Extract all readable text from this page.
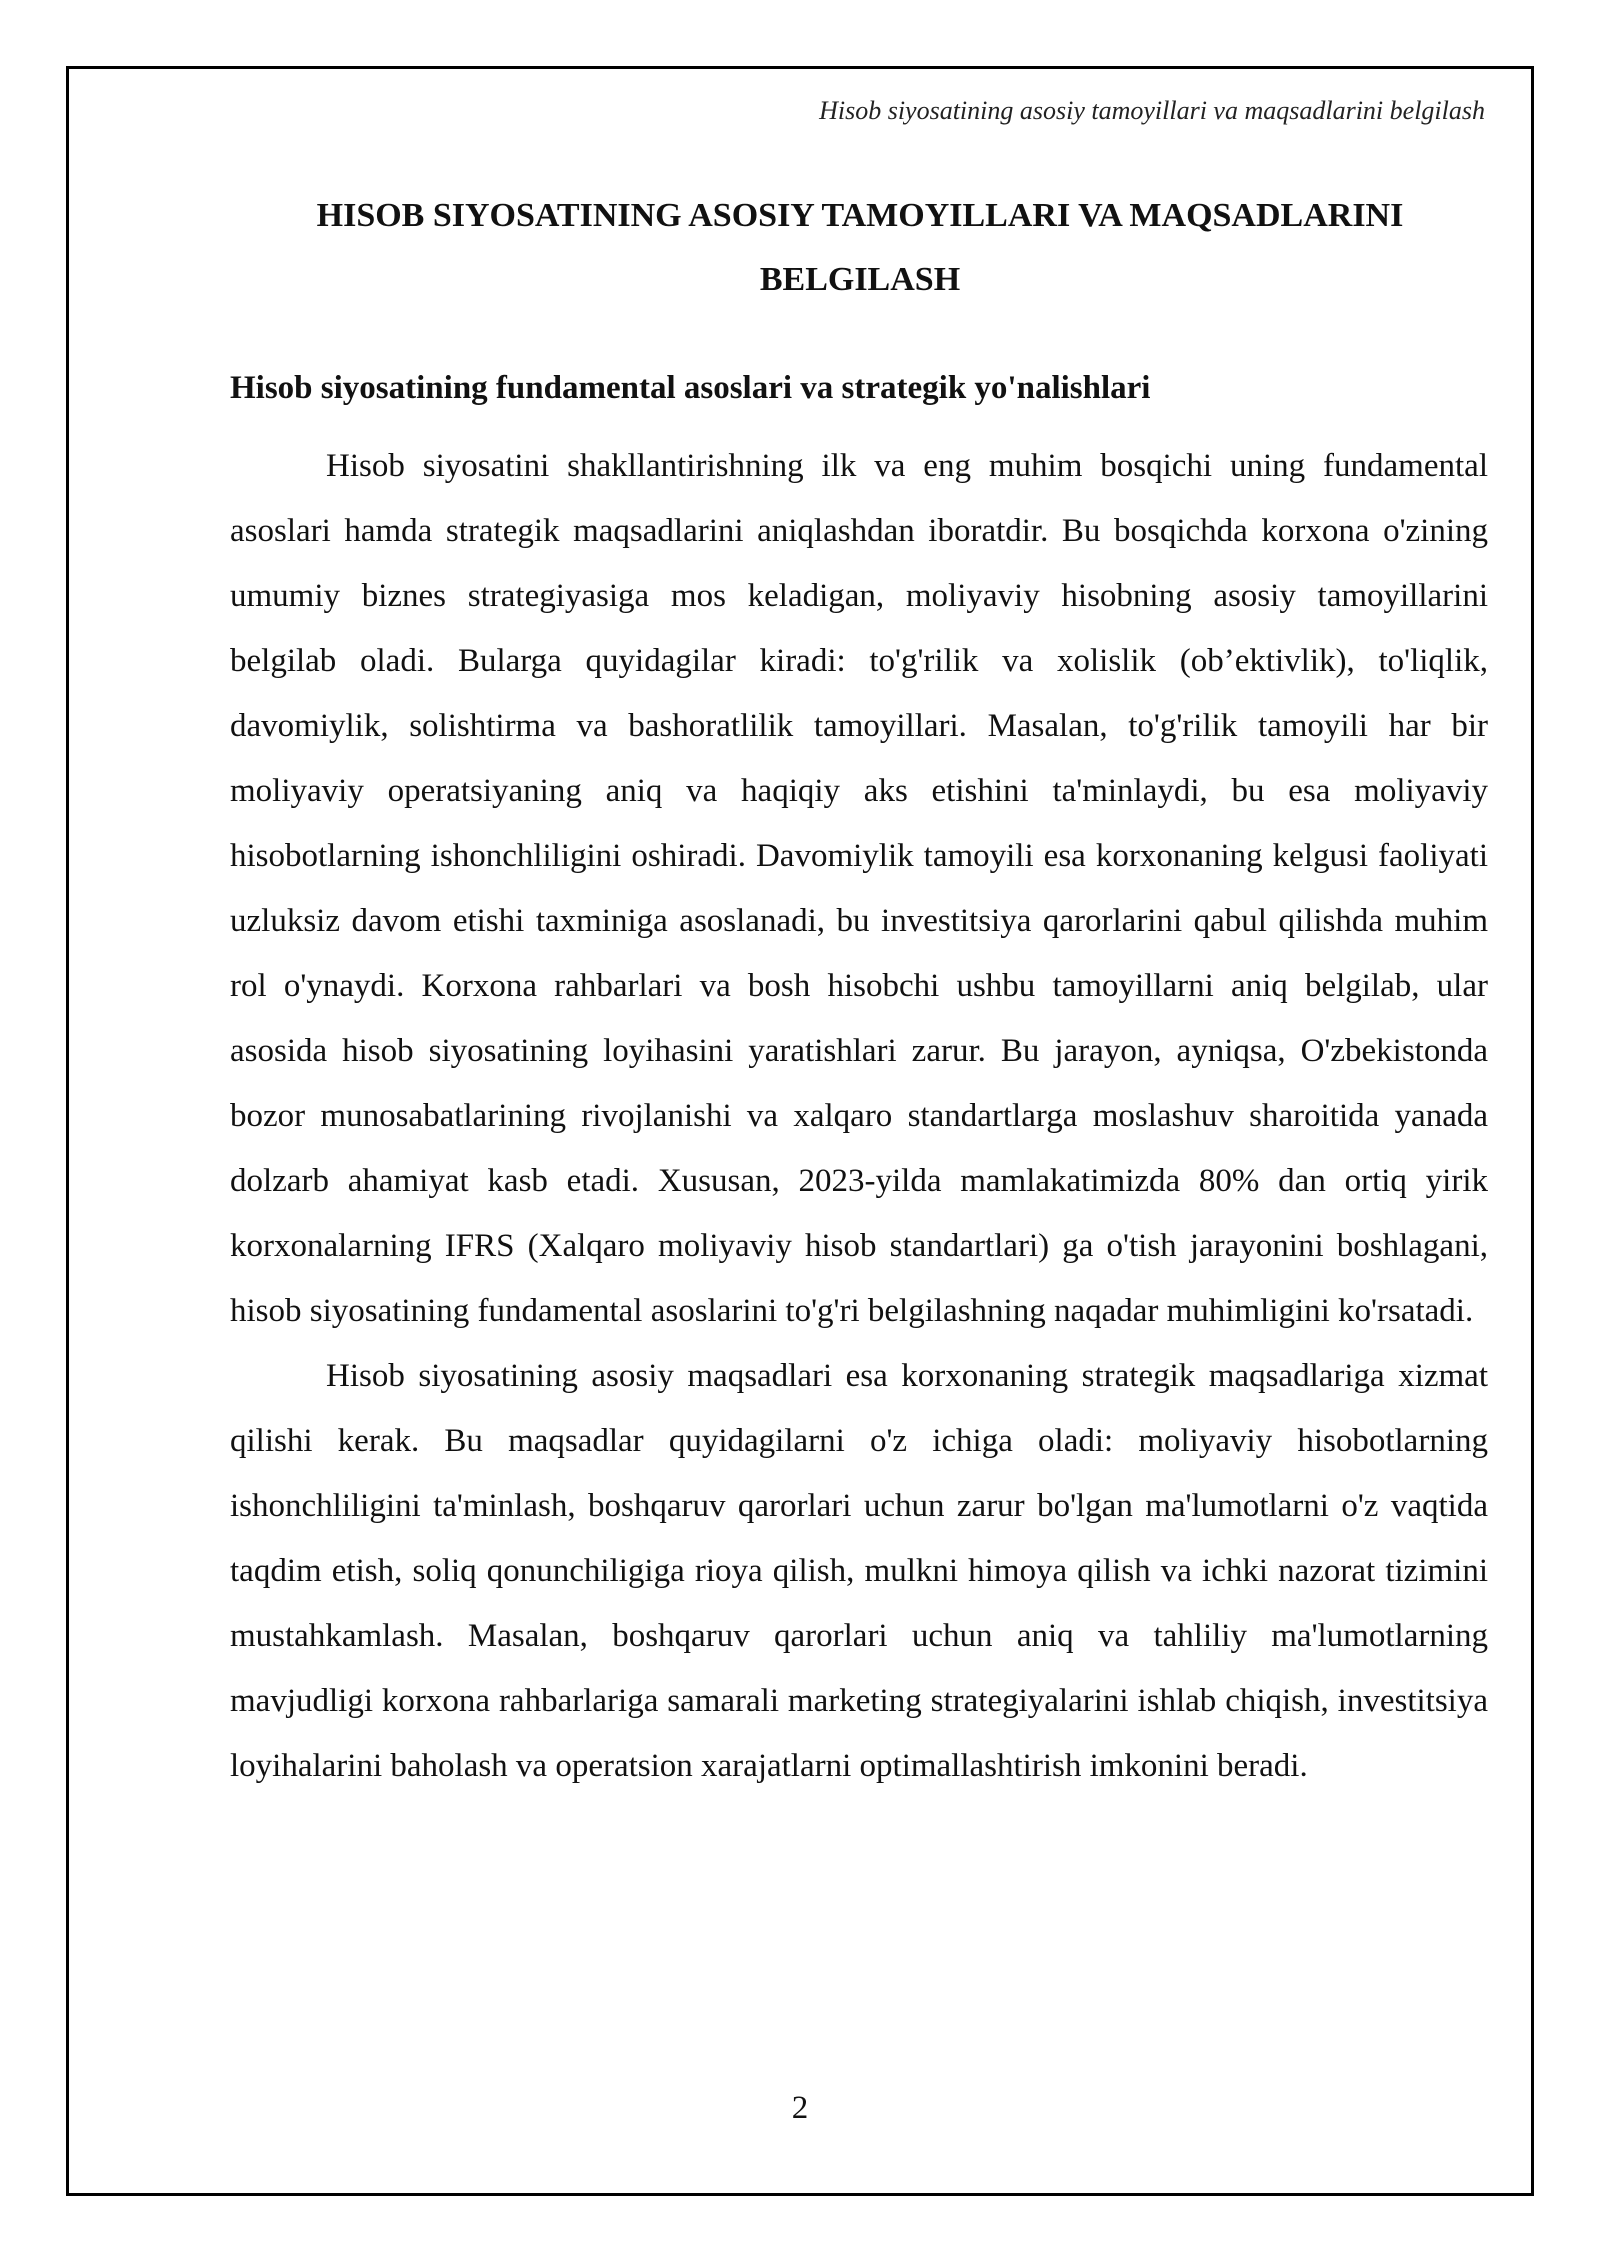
Hisob siyosatining asosiy tamoyillari va maqsadlarini belgilash
HISOB SIYOSATINING ASOSIY TAMOYILLARI VA MAQSADLARINI BELGILASH
Hisob siyosatining fundamental asoslari va strategik yo'nalishlari

Hisob siyosatini shakllantirishning ilk va eng muhim bosqichi uning fundamental asoslari hamda strategik maqsadlarini aniqlashdan iboratdir. Bu bosqichda korxona o'zining umumiy biznes strategiyasiga mos keladigan, moliyaviy hisobning asosiy tamoyillarini belgilab oladi. Bularga quyidagilar kiradi: to'g'rilik va xolislik (ob’ektivlik), to'liqlik, davomiylik, solishtirma va bashoratlilik tamoyillari. Masalan, to'g'rilik tamoyili har bir moliyaviy operatsiyaning aniq va haqiqiy aks etishini ta'minlaydi, bu esa moliyaviy hisobotlarning ishonchliligini oshiradi. Davomiylik tamoyili esa korxonaning kelgusi faoliyati uzluksiz davom etishi taxminiga asoslanadi, bu investitsiya qarorlarini qabul qilishda muhim rol o'ynaydi. Korxona rahbarlari va bosh hisobchi ushbu tamoyillarni aniq belgilab, ular asosida hisob siyosatining loyihasini yaratishlari zarur. Bu jarayon, ayniqsa, O'zbekistonda bozor munosabatlarining rivojlanishi va xalqaro standartlarga moslashuv sharoitida yanada dolzarb ahamiyat kasb etadi. Xususan, 2023-yilda mamlakatimizda 80% dan ortiq yirik korxonalarning IFRS (Xalqaro moliyaviy hisob standartlari) ga o'tish jarayonini boshlagani, hisob siyosatining fundamental asoslarini to'g'ri belgilashning naqadar muhimligini ko'rsatadi.

Hisob siyosatining asosiy maqsadlari esa korxonaning strategik maqsadlariga xizmat qilishi kerak. Bu maqsadlar quyidagilarni o'z ichiga oladi: moliyaviy hisobotlarning ishonchliligini ta'minlash, boshqaruv qarorlari uchun zarur bo'lgan ma'lumotlarni o'z vaqtida taqdim etish, soliq qonunchiligiga rioya qilish, mulkni himoya qilish va ichki nazorat tizimini mustahkamlash. Masalan, boshqaruv qarorlari uchun aniq va tahliliy ma'lumotlarning mavjudligi korxona rahbarlariga samarali marketing strategiyalarini ishlab chiqish, investitsiya loyihalarini baholash va operatsion xarajatlarni optimallashtirish imkonini beradi.

2
